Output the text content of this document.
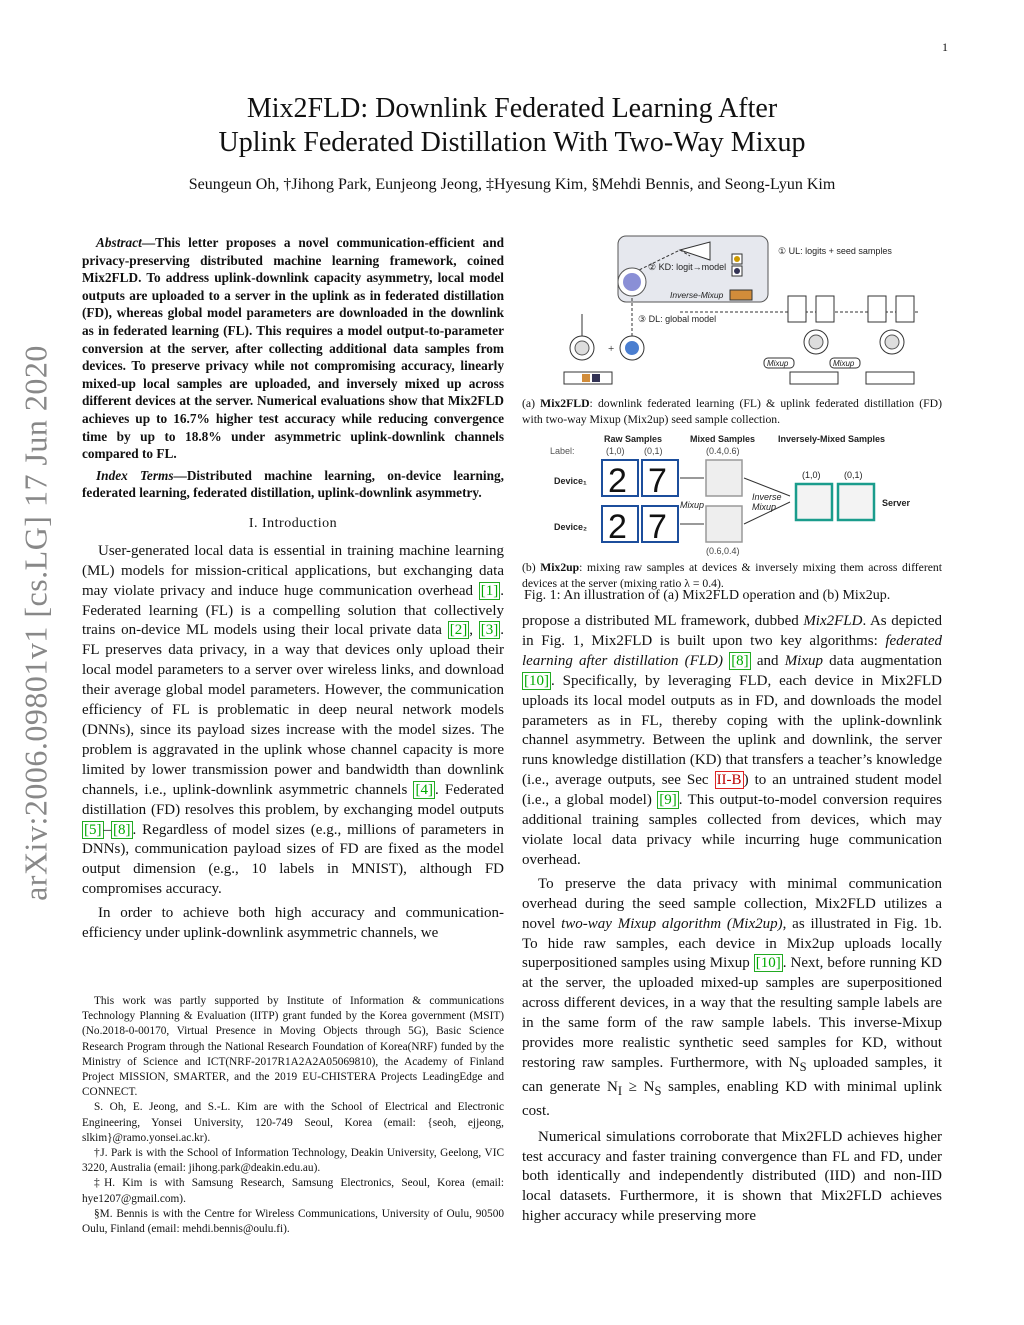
1
Mix2FLD: Downlink Federated Learning After
Uplink Federated Distillation With Two-Way Mixup
Seungeun Oh, †Jihong Park, Eunjeong Jeong, ‡Hyesung Kim, §Mehdi Bennis, and Seong-Lyun Kim
arXiv:2006.09801v1 [cs.LG] 17 Jun 2020

Abstract—This letter proposes a novel communication-efficient and privacy-preserving distributed machine learning framework, coined Mix2FLD. To address uplink-downlink capacity asymmetry, local model outputs are uploaded to a server in the uplink as in federated distillation (FD), whereas global model parameters are downloaded in the downlink as in federated learning (FL). This requires a model output-to-parameter conversion at the server, after collecting additional data samples from devices. To preserve privacy while not compromising accuracy, linearly mixed-up local samples are uploaded, and inversely mixed up across different devices at the server. Numerical evaluations show that Mix2FLD achieves up to 16.7% higher test accuracy while reducing convergence time by up to 18.8% under asymmetric uplink-downlink channels compared to FL.

Index Terms—Distributed machine learning, on-device learning, federated learning, federated distillation, uplink-downlink asymmetry.

I. Introduction

User-generated local data is essential in training machine learning (ML) models for mission-critical applications, but exchanging data may violate privacy and induce huge communication overhead [1] . Federated learning (FL) is a compelling solution that collectively trains on-device ML models using their local private data [2] , [3] . FL preserves data privacy, in a way that devices only upload their local model parameters to a server over wireless links, and download their average global model parameters. However, the communication efficiency of FL is problematic in deep neural network models (DNNs), since its payload sizes increase with the model sizes. The problem is aggravated in the uplink whose channel capacity is more limited by lower transmission power and bandwidth than downlink channels, i.e., uplink-downlink asymmetric channels [4] . Federated distillation (FD) resolves this problem, by exchanging model outputs [5] – [8] . Regardless of model sizes (e.g., millions of parameters in DNNs), communication payload sizes of FD are fixed as the model output dimension (e.g., 10 labels in MNIST), although FD compromises accuracy.

In order to achieve both high accuracy and communication-efficiency under uplink-downlink asymmetric channels, we

This work was partly supported by Institute of Information & communications Technology Planning & Evaluation (IITP) grant funded by the Korea government (MSIT) (No.2018-0-00170, Virtual Presence in Moving Objects through 5G), Basic Science Research Program through the National Research Foundation of Korea(NRF) funded by the Ministry of Science and ICT(NRF-2017R1A2A2A05069810), the Academy of Finland Project MISSION, SMARTER, and the 2019 EU-CHISTERA Projects LeadingEdge and CONNECT.

S. Oh, E. Jeong, and S.-L. Kim are with the School of Electrical and Electronic Engineering, Yonsei University, 120-749 Seoul, Korea (email: {seoh, ejjeong, slkim}@ramo.yonsei.ac.kr).

†J. Park is with the School of Information Technology, Deakin University, Geelong, VIC 3220, Australia (email: jihong.park@deakin.edu.au).

‡H. Kim is with Samsung Research, Samsung Electronics, Seoul, Korea (email: hye1207@gmail.com).

§M. Bennis is with the Centre for Wireless Communications, University of Oulu, 90500 Oulu, Finland (email: mehdi.bennis@oulu.fi).

② KD: logit→model
Inverse-Mixup
① UL: logits + seed samples
③ DL: global model
+
Mixup	Mixup
(a) Mix2FLD: downlink federated learning (FL) & uplink federated distillation (FD) with two-way Mixup (Mix2up) seed sample collection.
Raw Samples	Mixed Samples	Inversely-Mixed Samples
Label:	(1,0) (0,1)	(0.4,0.6)
(0.6,0.4)
(1,0)	(0,1)
Device₁
Device₂
Mixup
Inverse
Mixup	Server
2 7
2 7
(b) Mix2up: mixing raw samples at devices & inversely mixing them across different devices at the server (mixing ratio λ = 0.4).
Fig. 1: An illustration of (a) Mix2FLD operation and (b) Mix2up.

propose a distributed ML framework, dubbed Mix2FLD. As depicted in Fig. 1, Mix2FLD is built upon two key algorithms: federated learning after distillation (FLD) [8] and Mixup data augmentation [10] . Specifically, by leveraging FLD, each device in Mix2FLD uploads its local model outputs as in FD, and downloads the model parameters as in FL, thereby coping with the uplink-downlink channel asymmetry. Between the uplink and downlink, the server runs knowledge distillation (KD) that transfers a teacher’s knowledge (i.e., average outputs, see Sec II-B ) to an untrained student model (i.e., a global model) [9] . This output-to-model conversion requires additional training samples collected from devices, which may violate local data privacy while incurring huge communication overhead.

To preserve the data privacy with minimal communication overhead during the seed sample collection, Mix2FLD utilizes a novel two-way Mixup algorithm (Mix2up), as illustrated in Fig. 1b. To hide raw samples, each device in Mix2up uploads locally superpositioned samples using Mixup [10] . Next, before running KD at the server, the uploaded mixed-up samples are superpositioned across different devices, in a way that the resulting sample labels are in the same form of the raw sample labels. This inverse-Mixup provides more realistic synthetic seed samples for KD, without restoring raw samples. Furthermore, with $N_S$ uploaded samples, it can generate $N_I \ge N_S$ samples, enabling KD with minimal uplink cost.

Numerical simulations corroborate that Mix2FLD achieves higher test accuracy and faster training convergence than FL and FD, under both identically and independently distributed (IID) and non-IID local datasets. Furthermore, it is shown that Mix2FLD achieves higher accuracy while preserving more
